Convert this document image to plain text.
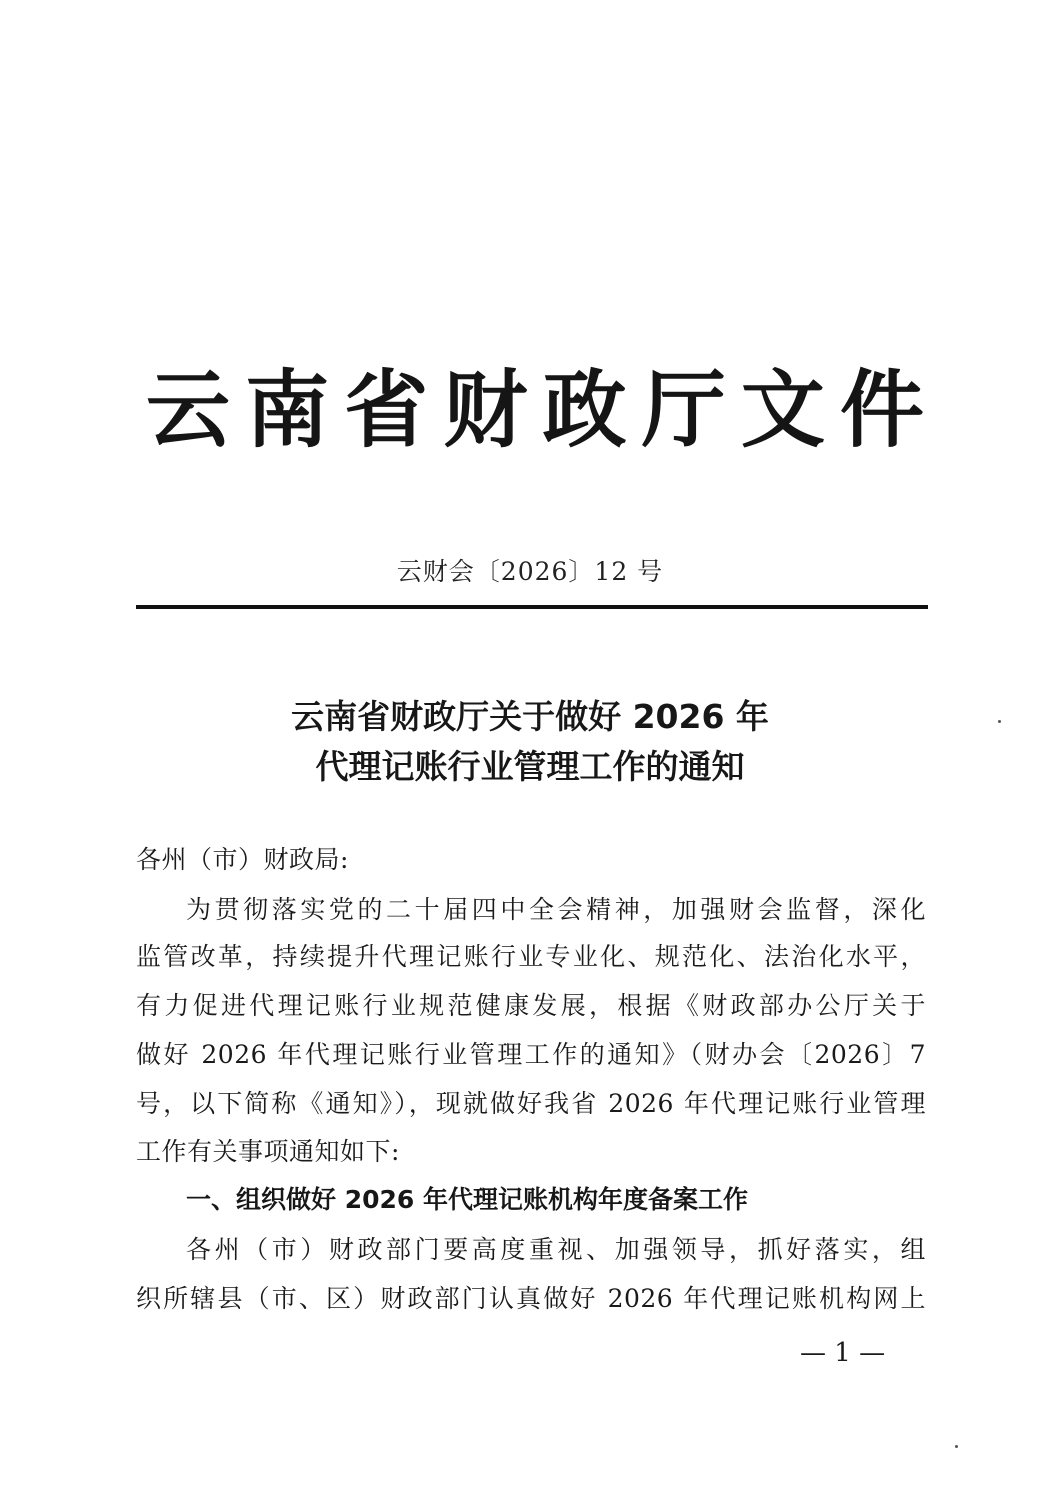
云 南 省 财 政 厅 文 件
云财会〔2026〕12 号
云南省财政厅关于做好 2026 年
代理记账行业管理工作的通知
各州（市）财政局:
为贯彻落实党的二十届四中全会精神，加强财会监督，深化
监管改革，持续提升代理记账行业专业化、规范化、法治化水平，
有力促进代理记账行业规范健康发展，根据《财政部办公厅关于
做好 2026 年代理记账行业管理工作的通知》（财办会〔2026〕7
号，以下简称《通知》），现就做好我省 2026 年代理记账行业管理
工作有关事项通知如下:
一、组织做好 2026 年代理记账机构年度备案工作
各州（市）财政部门要高度重视、加强领导，抓好落实，组
织所辖县（市、区）财政部门认真做好 2026 年代理记账机构网上
— 1 —
